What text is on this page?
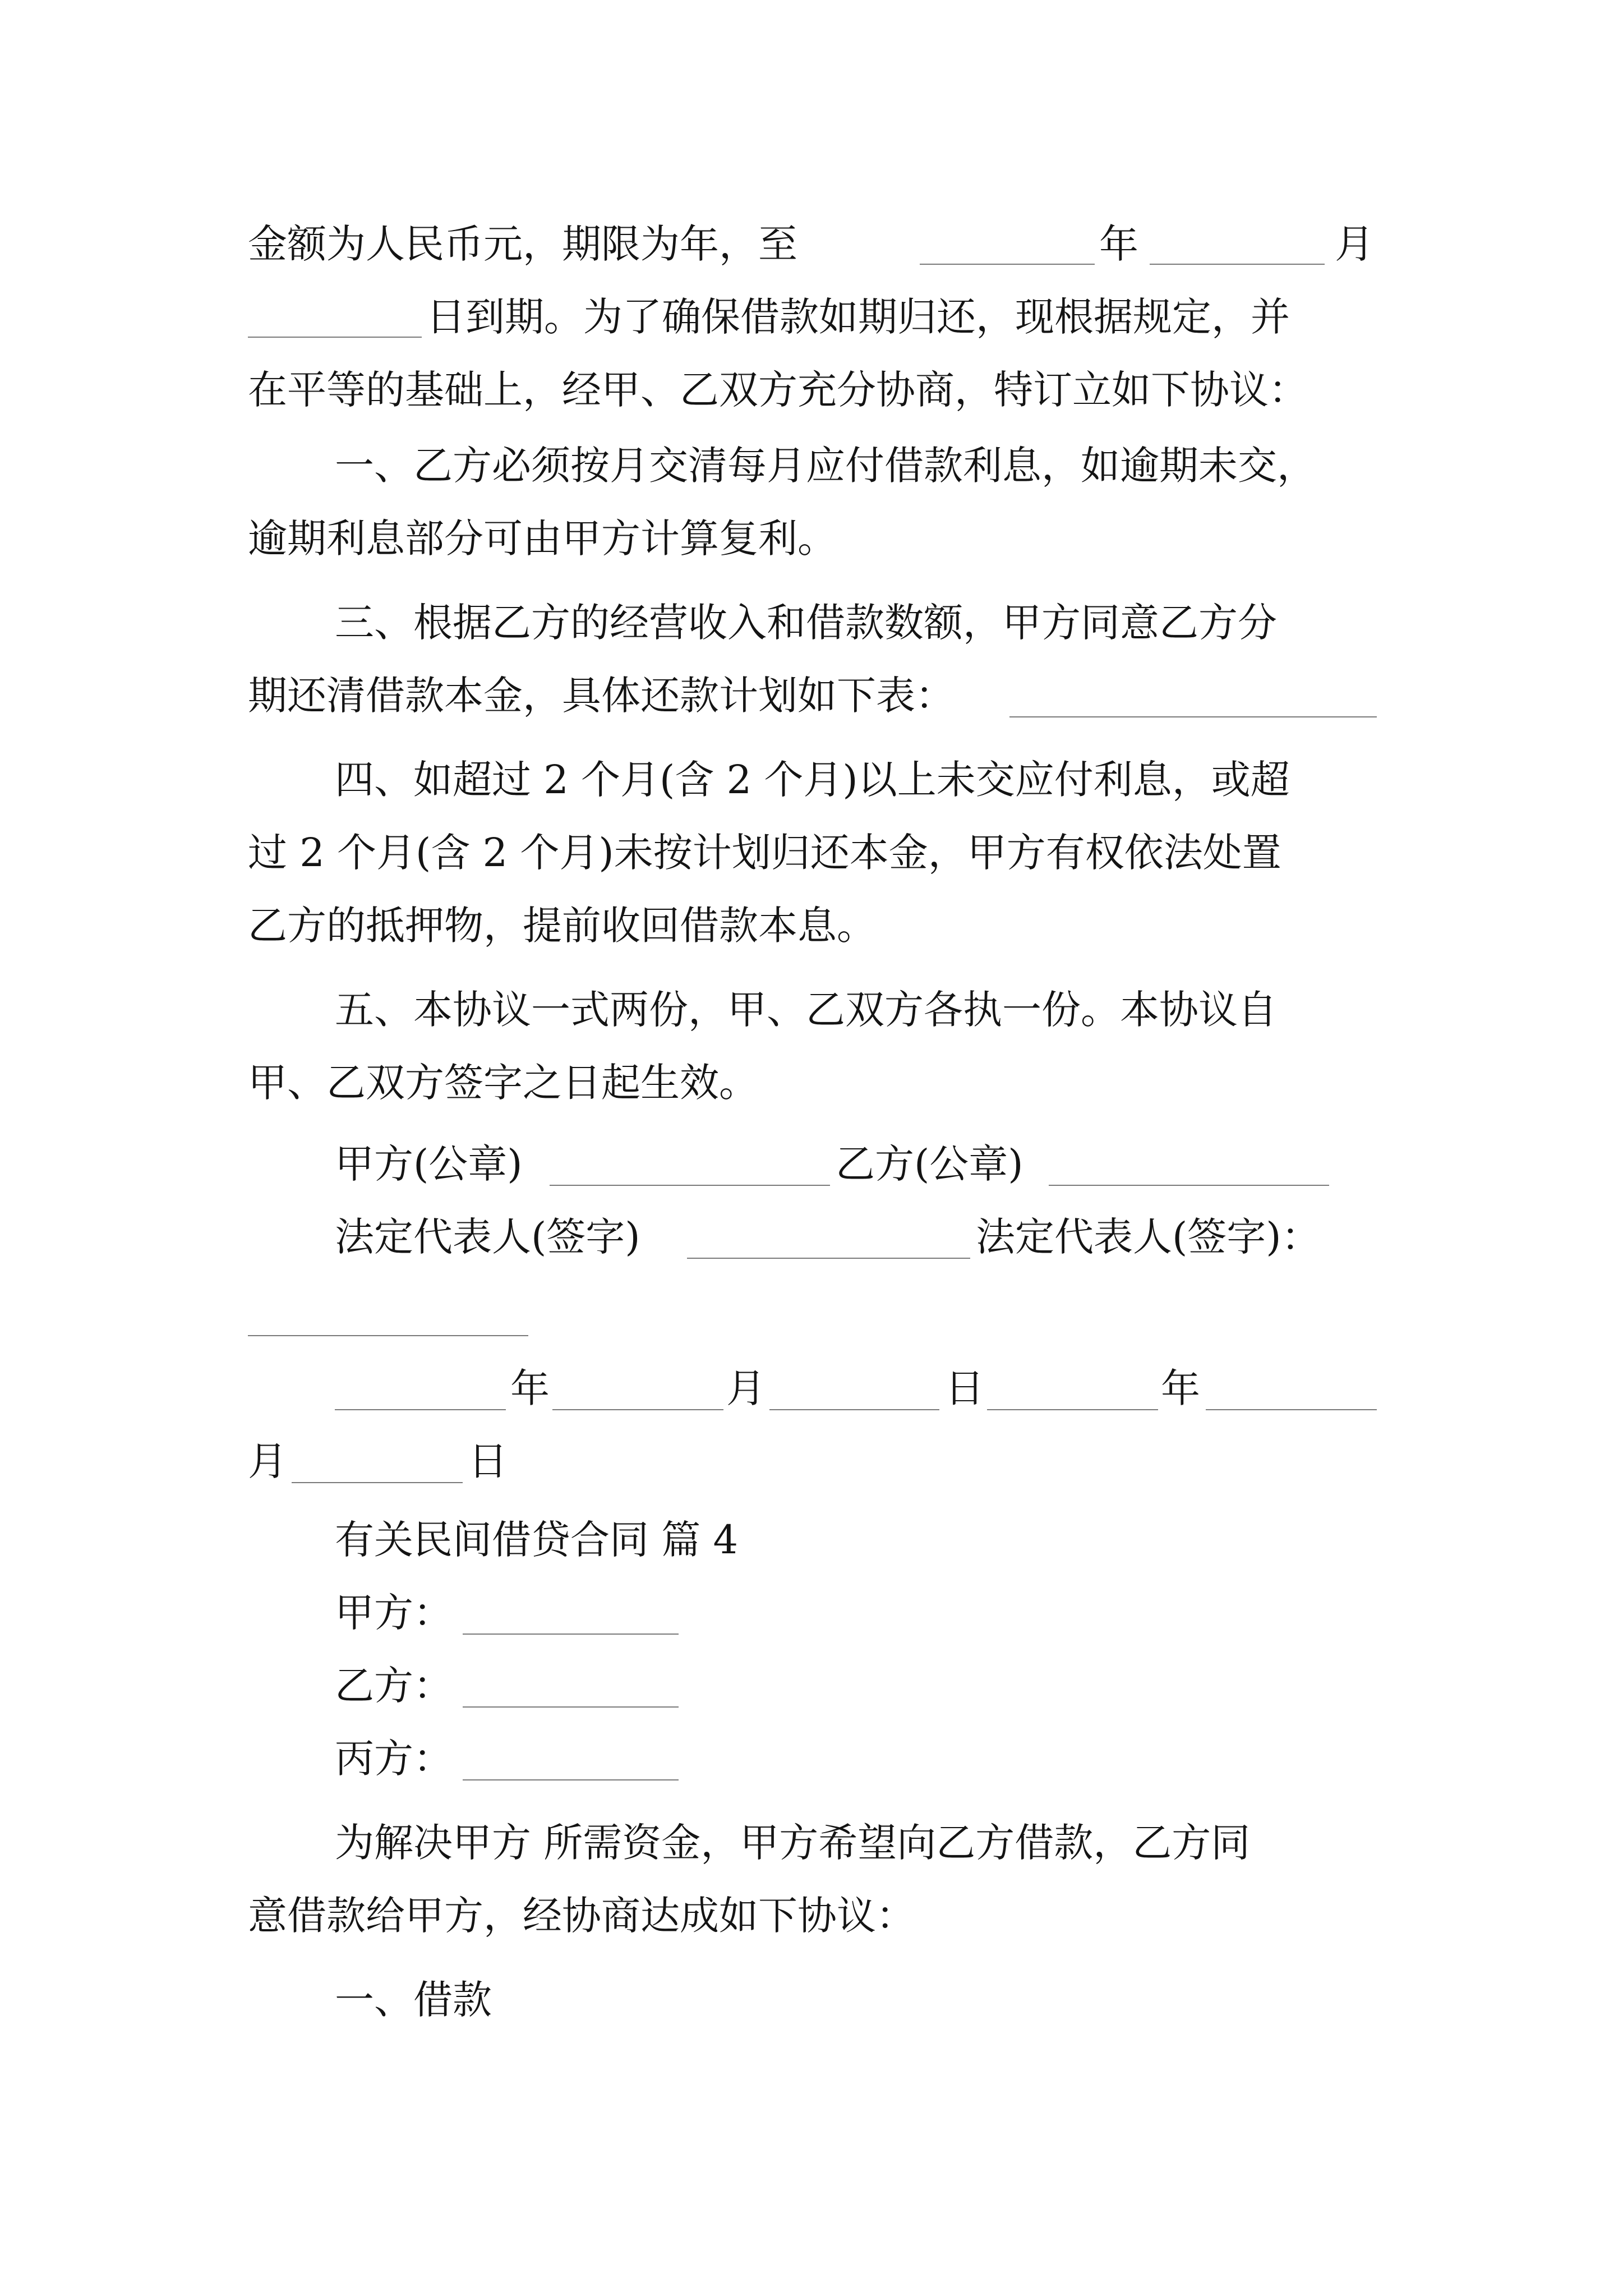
金额为人民币元，期限为年，至	年	月
日到期。为了确保借款如期归还，现根据规定，并
在平等的基础上，经甲、乙双方充分协商，特订立如下协议：
一、乙方必须按月交清每月应付借款利息，如逾期未交，
逾期利息部分可由甲方计算复利。
三、根据乙方的经营收入和借款数额，甲方同意乙方分
期还清借款本金，具体还款计划如下表：
四、如超过 2 个月(含 2 个月)以上未交应付利息，或超
过 2 个月(含 2 个月)未按计划归还本金，甲方有权依法处置
乙方的抵押物，提前收回借款本息。
五、本协议一式两份，甲、乙双方各执一份。本协议自
甲、乙双方签字之日起生效。
甲方(公章)	乙方(公章)
法定代表人(签字)	法定代表人(签字)：
年	月	日	年
月	日
有关民间借贷合同 篇 4
甲方：
乙方：
丙方：
为解决甲方 所需资金，甲方希望向乙方借款，乙方同
意借款给甲方，经协商达成如下协议：
一、借款
